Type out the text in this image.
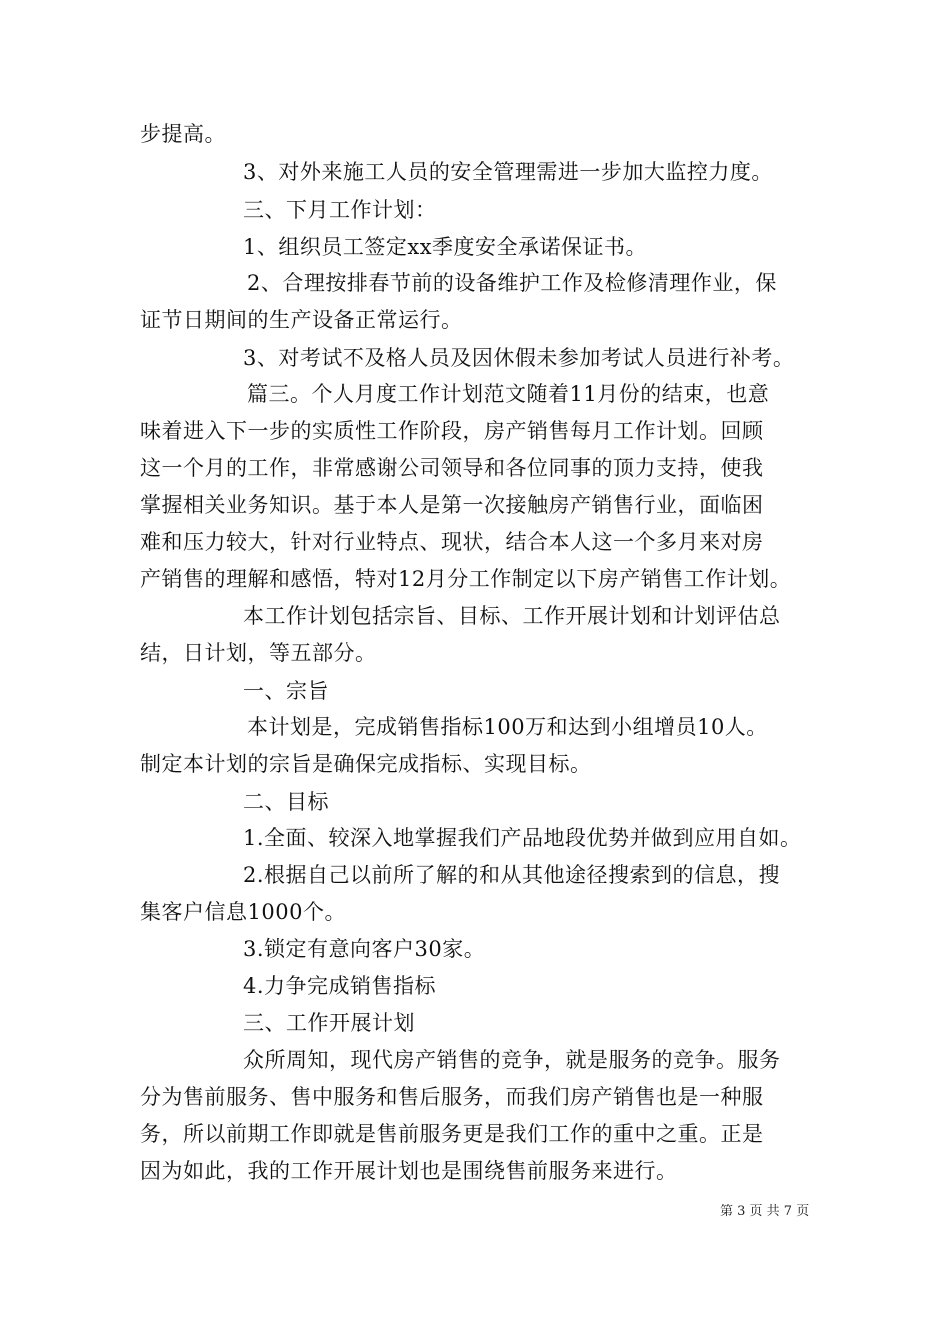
步提高。
3、对外来施工人员的安全管理需进一步加大监控力度。
三、下月工作计划：
1、组织员工签定xx季度安全承诺保证书。
2、合理按排春节前的设备维护工作及检修清理作业，保
证节日期间的生产设备正常运行。
3、对考试不及格人员及因休假未参加考试人员进行补考。
篇三。个人月度工作计划范文随着11月份的结束，也意
味着进入下一步的实质性工作阶段，房产销售每月工作计划。回顾
这一个月的工作，非常感谢公司领导和各位同事的顶力支持，使我
掌握相关业务知识。基于本人是第一次接触房产销售行业，面临困
难和压力较大，针对行业特点、现状，结合本人这一个多月来对房
产销售的理解和感悟，特对12月分工作制定以下房产销售工作计划。
本工作计划包括宗旨、目标、工作开展计划和计划评估总
结，日计划，等五部分。
一、宗旨
本计划是，完成销售指标100万和达到小组增员10人。
制定本计划的宗旨是确保完成指标、实现目标。
二、目标
1.全面、较深入地掌握我们产品地段优势并做到应用自如。
2.根据自己以前所了解的和从其他途径搜索到的信息，搜
集客户信息1000个。
3.锁定有意向客户30家。
4.力争完成销售指标
三、工作开展计划
众所周知，现代房产销售的竞争，就是服务的竞争。服务
分为售前服务、售中服务和售后服务，而我们房产销售也是一种服
务，所以前期工作即就是售前服务更是我们工作的重中之重。正是
因为如此，我的工作开展计划也是围绕售前服务来进行。
第 3 页 共 7 页
